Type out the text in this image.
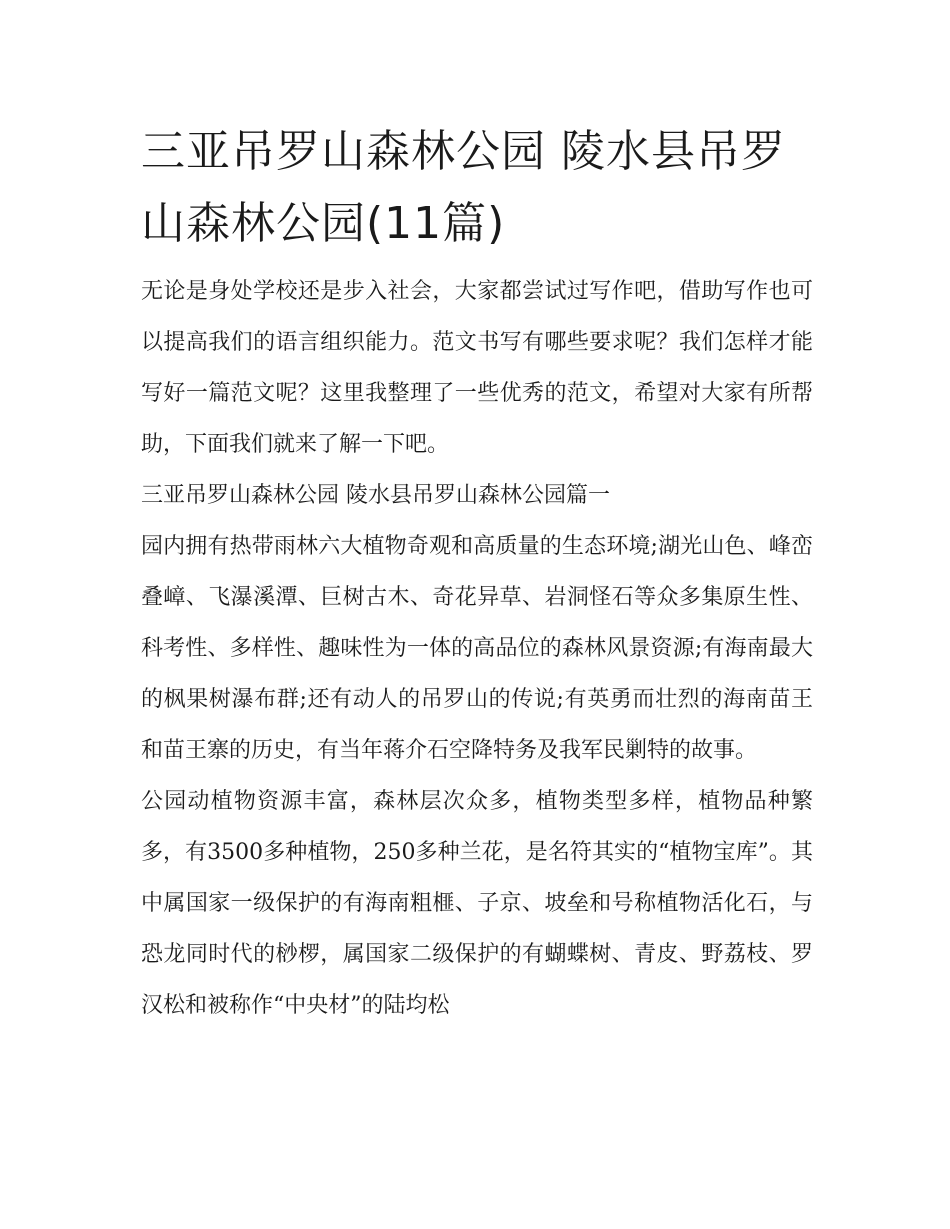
三亚吊罗山森林公园 陵水县吊罗山森林公园(11篇)

无论是身处学校还是步入社会，大家都尝试过写作吧，借助写作也可以提高我们的语言组织能力。范文书写有哪些要求呢？我们怎样才能写好一篇范文呢？这里我整理了一些优秀的范文，希望对大家有所帮助，下面我们就来了解一下吧。

三亚吊罗山森林公园 陵水县吊罗山森林公园篇一

园内拥有热带雨林六大植物奇观和高质量的生态环境;湖光山色、峰峦叠嶂、飞瀑溪潭、巨树古木、奇花异草、岩洞怪石等众多集原生性、科考性、多样性、趣味性为一体的高品位的森林风景资源;有海南最大的枫果树瀑布群;还有动人的吊罗山的传说;有英勇而壮烈的海南苗王和苗王寨的历史，有当年蒋介石空降特务及我军民剿特的故事。

公园动植物资源丰富，森林层次众多，植物类型多样，植物品种繁多，有3500多种植物，250多种兰花，是名符其实的“植物宝库”。其中属国家一级保护的有海南粗榧、子京、坡垒和号称植物活化石，与恐龙同时代的桫椤，属国家二级保护的有蝴蝶树、青皮、野荔枝、罗汉松和被称作“中央材”的陆均松
